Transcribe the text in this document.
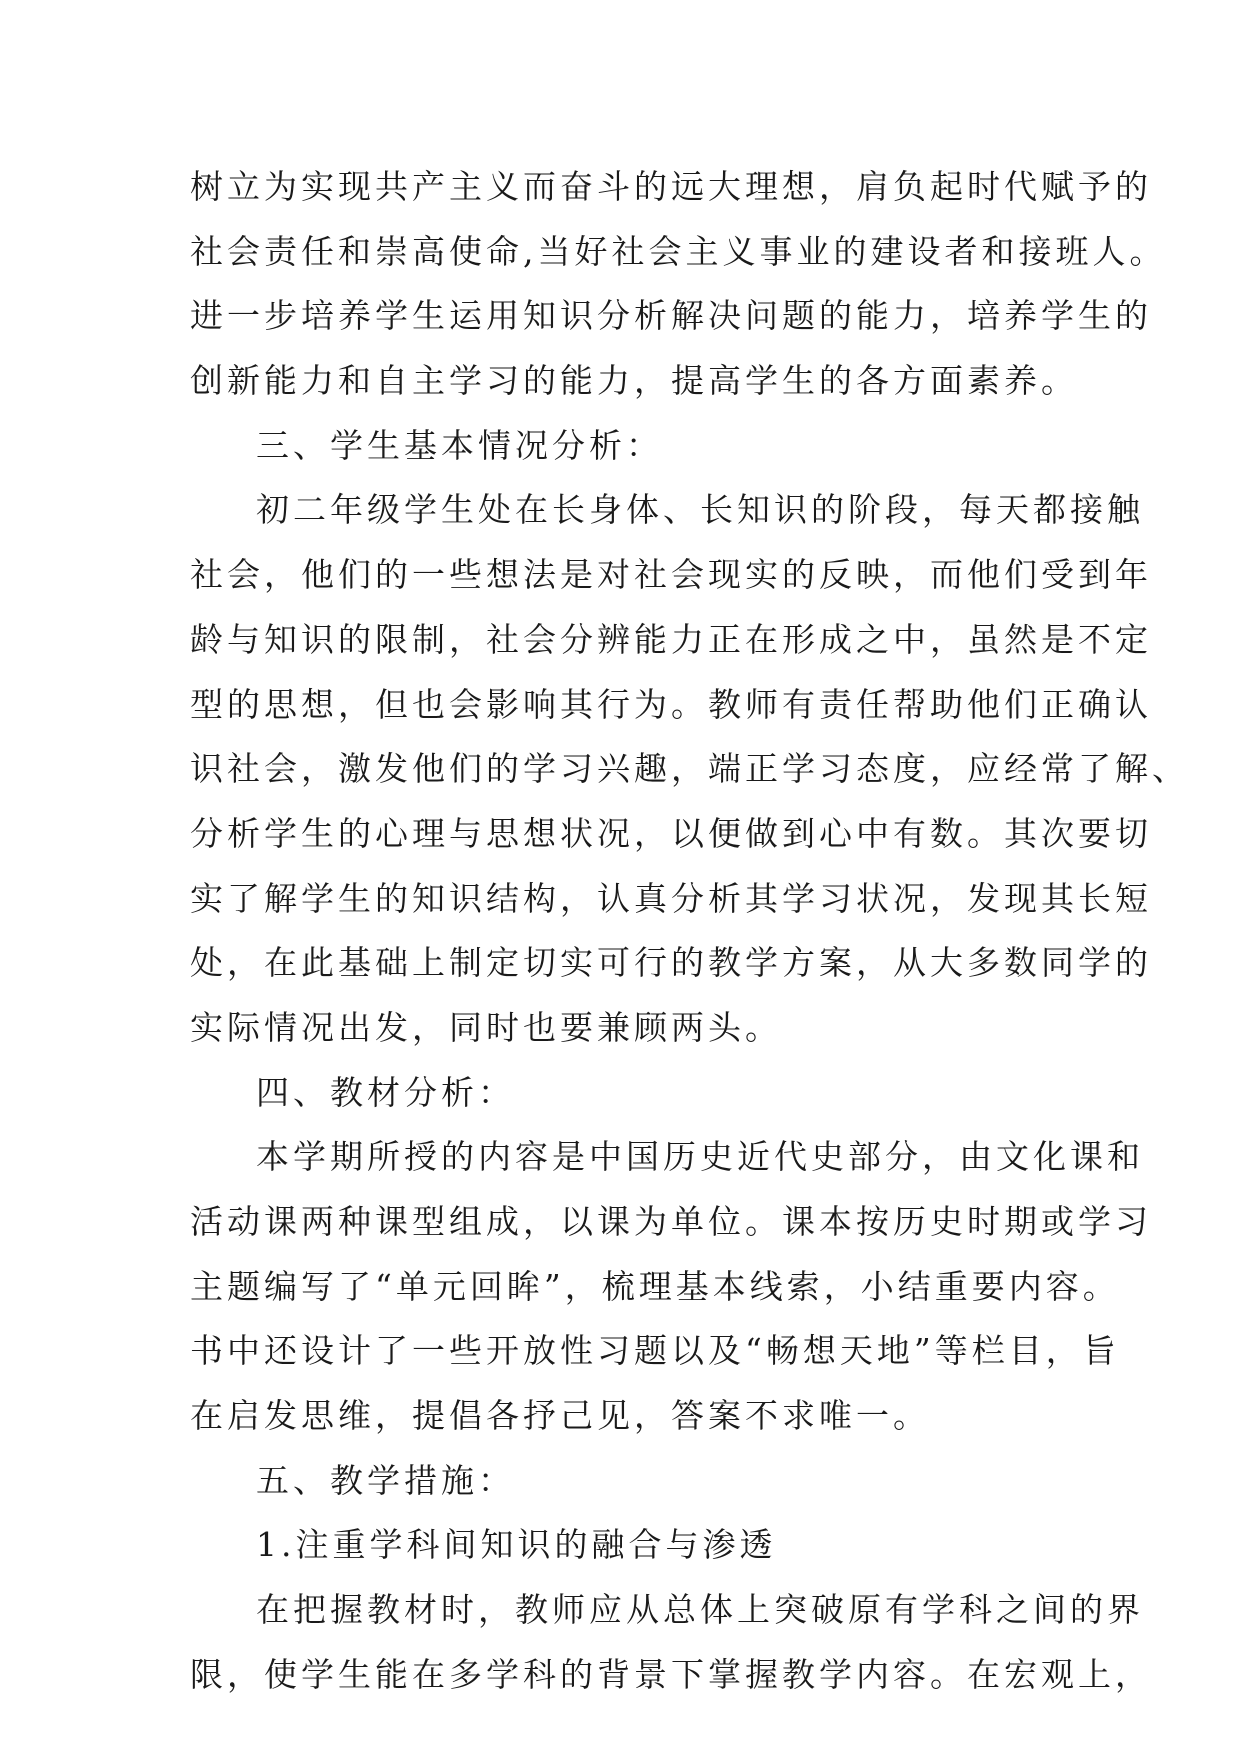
树立为实现共产主义而奋斗的远大理想，肩负起时代赋予的
社会责任和崇高使命,当好社会主义事业的建设者和接班人。
进一步培养学生运用知识分析解决问题的能力，培养学生的
创新能力和自主学习的能力，提高学生的各方面素养。
三、学生基本情况分析：
初二年级学生处在长身体、长知识的阶段，每天都接触
社会，他们的一些想法是对社会现实的反映，而他们受到年
龄与知识的限制，社会分辨能力正在形成之中，虽然是不定
型的思想，但也会影响其行为。教师有责任帮助他们正确认
识社会，激发他们的学习兴趣，端正学习态度，应经常了解、
分析学生的心理与思想状况，以便做到心中有数。其次要切
实了解学生的知识结构，认真分析其学习状况，发现其长短
处，在此基础上制定切实可行的教学方案，从大多数同学的
实际情况出发，同时也要兼顾两头。
四、教材分析：
本学期所授的内容是中国历史近代史部分，由文化课和
活动课两种课型组成，以课为单位。课本按历史时期或学习
主题编写了“单元回眸”，梳理基本线索，小结重要内容。
书中还设计了一些开放性习题以及“畅想天地”等栏目，旨
在启发思维，提倡各抒己见，答案不求唯一。
五、教学措施：
1.注重学科间知识的融合与渗透
在把握教材时，教师应从总体上突破原有学科之间的界
限，使学生能在多学科的背景下掌握教学内容。在宏观上，
